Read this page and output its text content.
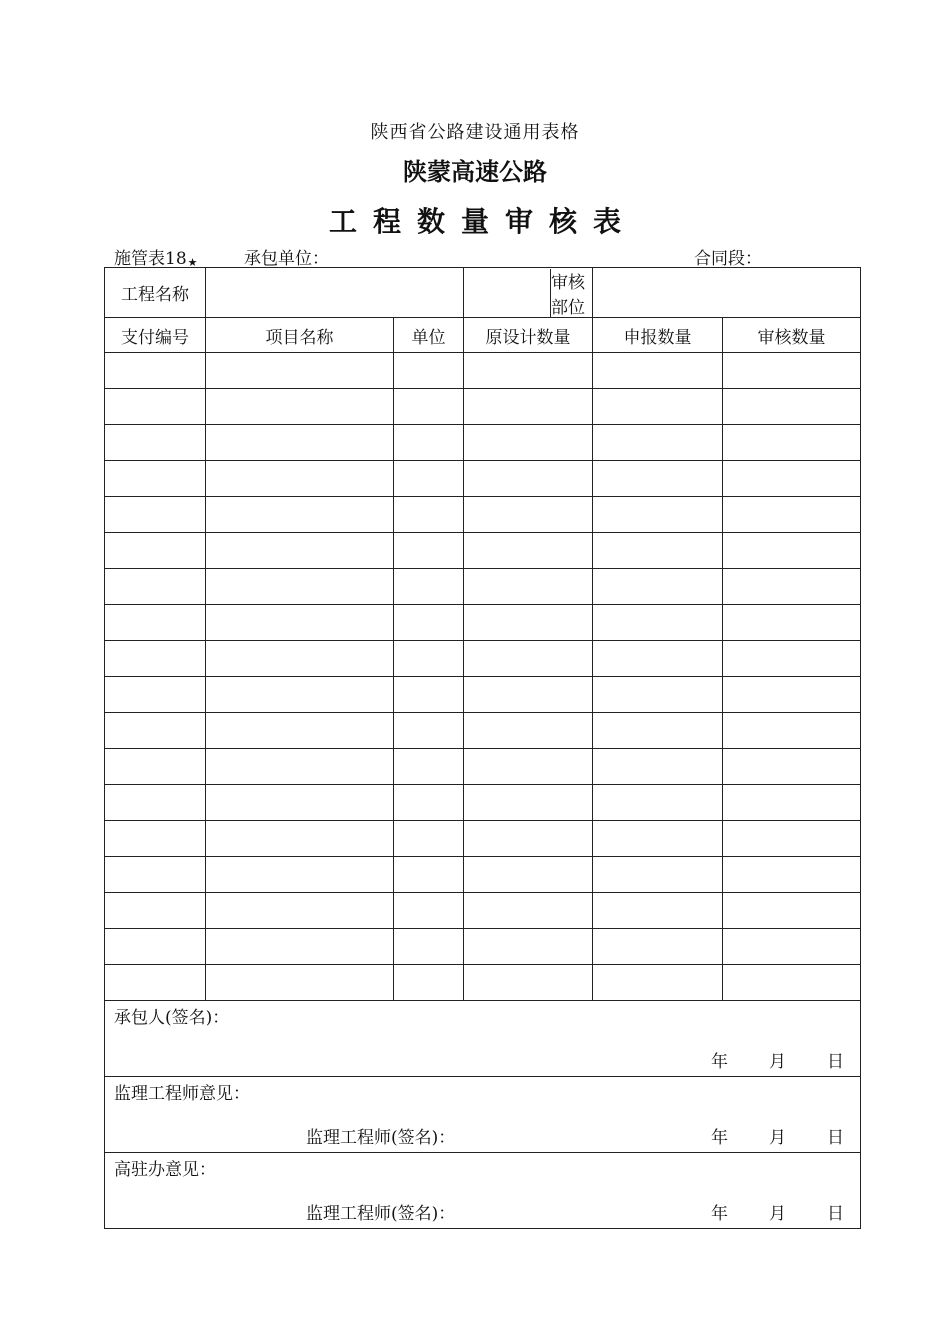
陕西省公路建设通用表格
陕蒙高速公路
工程数量审核表
施管表18★	承包单位：	合同段：
工程名称			审核部位		

支付编号	项目名称	单位	原设计数量	申报数量	审核数量

承包人(签名)：
年 月 日					

监理工程师意见：
监理工程师(签名)： 年 月 日					

高驻办意见：
监理工程师(签名)： 年 月 日					
